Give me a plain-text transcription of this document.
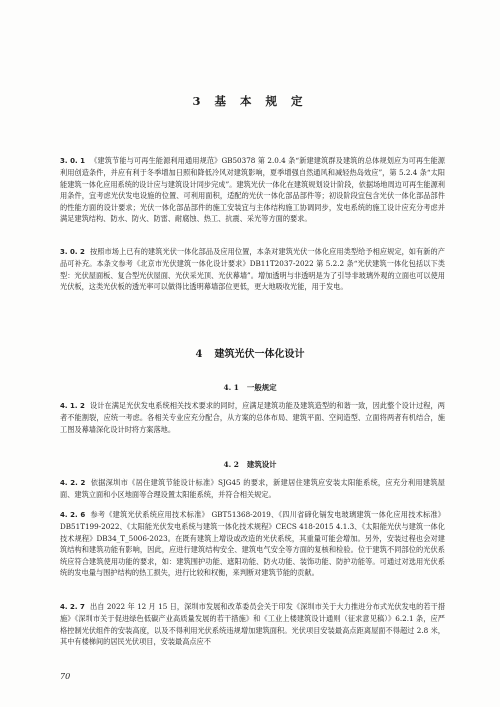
3 基 本 规 定

3. 0. 1 《建筑节能与可再生能源利用通用规范》GB50378 第 2.0.4 条“新建建筑群及建筑的总体规划应为可再生能源利用创造条件，并应有利于冬季增加日照和降低冷风对建筑影响，夏季增强自然通风和减轻热岛效应”，第 5.2.4 条“太阳能建筑一体化应用系统的设计应与建筑设计同步完成”。建筑光伏一体化在建筑规划设计阶段，依据场地周边可再生能源利用条件，宜考虑光伏发电设施的位置、可利用面积，适配的光伏一体化部品部件等；初设阶段宜包含光伏一体化部品部件的性能方面的设计要求；光伏一体化部品部件的施工安装宜与主体结构施工协调同步，发电系统的施工设计应充分考虑并满足建筑结构、防水、防火、防雷、耐腐蚀、热工、抗震、采光等方面的要求。

3. 0. 2 按照市场上已有的建筑光伏一体化部品及应用位置，本条对建筑光伏一体化应用类型给予相应规定，如有新的产品可补充。本条文参考《北京市光伏建筑一体化设计要求》DB11T2037-2022 第 5.2.2 条“光伏建筑一体化包括以下类型：光伏屋面板、复合型光伏屋面、光伏采光顶、光伏幕墙”。增加透明与非透明是为了引导非玻璃外观的立面也可以使用光伏板，这类光伏板的透光率可以做得比透明幕墙部位更低，更大地吸收光能，用于发电。

4 建筑光伏一体化设计
4. 1 一般规定

4. 1. 2 设计在满足光伏发电系统相关技术要求的同时，应满足建筑功能及建筑造型的和谐一致，因此整个设计过程，两者不能割裂，应统一考虑。各相关专业应充分配合，从方案的总体布局、建筑平面、空间造型、立面将两者有机结合，施工图及幕墙深化设计时将方案落地。

4. 2 建筑设计

4. 2. 2 依据深圳市《居住建筑节能设计标准》SJG45 的要求，新建居住建筑应安装太阳能系统，应充分利用建筑屋面、建筑立面和小区地面等合理设置太阳能系统，并符合相关规定。

4. 2. 6 参考《建筑光伏系统应用技术标准》 GBT51368-2019、《四川省碲化镉发电玻璃建筑一体化应用技术标准》DB51T199-2022、《太阳能光伏发电系统与建筑一体化技术规程》CECS 418-2015 4.1.3、《太阳能光伏与建筑一体化技术规程》DB34_T_5006-2023。在既有建筑上增设或改造的光伏系统，其重量可能会增加。另外，安装过程也会对建筑结构和建筑功能有影响，因此，应进行建筑结构安全、建筑电气安全等方面的复核和检验。位于建筑不同部位的光伏系统应符合建筑使用功能的要求，如：建筑围护功能、遮阳功能、防火功能、装饰功能、防护功能等。可通过对选用光伏系统的发电量与围护结构的热工损失，进行比较和权衡，来判断对建筑节能的贡献。

4. 2. 7 出自 2022 年 12 月 15 日，深圳市发展和改革委员会关于印发《深圳市关于大力推进分布式光伏发电的若干措施》《深圳市关于促进绿色低碳产业高质量发展的若干措施》和《工业上楼建筑设计通则（征求意见稿）》6.2.1 条，应严格控制光伏组件的安装高度，以及不得利用光伏系统违规增加建筑面积。光伏项目安装最高点距离屋面不得超过 2.8 米，其中有楼梯间的居民光伏项目，安装最高点应不

70
